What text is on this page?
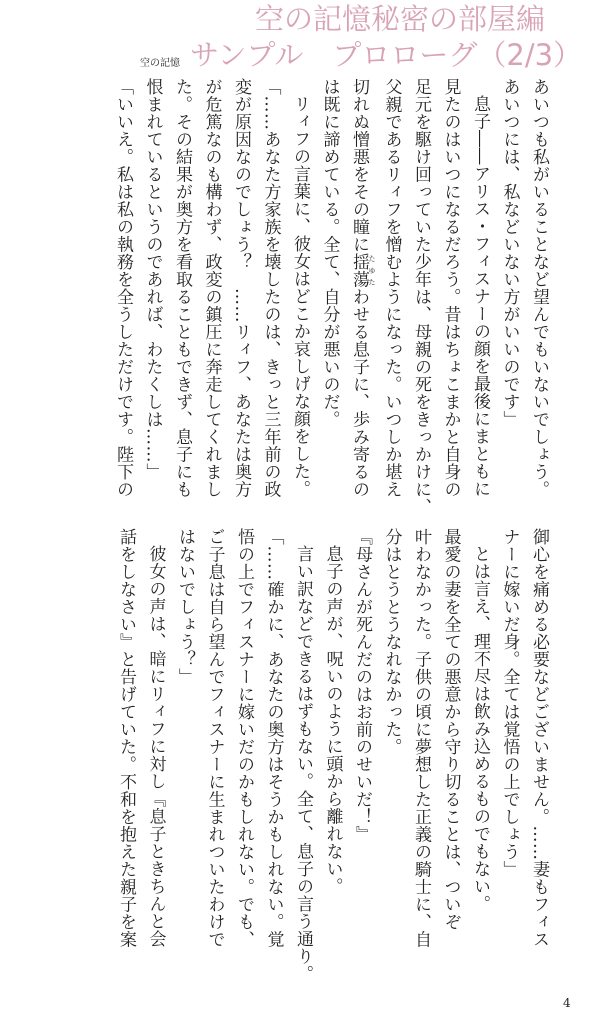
空の記憶秘密の部屋編
サンプル　プロローグ（2/3）
空の記憶
あいつも私がいることなど望んでもいないでしょう。
あいつには、私などいない方がいいのです」
息子――アリス・フィスナーの顔を最後にまともに
見たのはいつになるだろう。昔はちょこまかと自身の
足元を駆け回っていた少年は、母親の死をきっかけに、
父親であるリィフを憎むようになった。いつしか堪え
切れぬ憎悪をその瞳に揺蕩 たゆたわせる息子に、歩み寄るの
は既に諦めている。全て、自分が悪いのだ。
リィフの言葉に、彼女はどこか哀しげな顔をした。
「……あなた方家族を壊したのは、きっと三年前の政
変が原因なのでしょう？　……リィフ、あなたは奥方
が危篤なのも構わず、政変の鎮圧に奔走してくれまし
た。その結果が奥方を看取ることもできず、息子にも
恨まれているというのであれば、わたくしは……」
「いいえ。私は私の執務を全うしただけです。陛下の
御心を痛める必要などございません。……妻もフィス
ナーに嫁いだ身。全ては覚悟の上でしょう」
とは言え、理不尽は飲み込めるものでもない。
最愛の妻を全ての悪意から守り切ることは、ついぞ
叶わなかった。子供の頃に夢想した正義の騎士に、自
分はとうとうなれなかった。
『母さんが死んだのはお前のせいだ！』
息子の声が、呪いのように頭から離れない。
言い訳などできるはずもない。全て、息子の言う通り。
「……確かに、あなたの奥方はそうかもしれない。覚
悟の上でフィスナーに嫁いだのかもしれない。でも、
ご子息は自ら望んでフィスナーに生まれついたわけで
はないでしょう？」
彼女の声は、暗にリィフに対し『息子ときちんと会
話をしなさい』と告げていた。不和を抱えた親子を案
4
